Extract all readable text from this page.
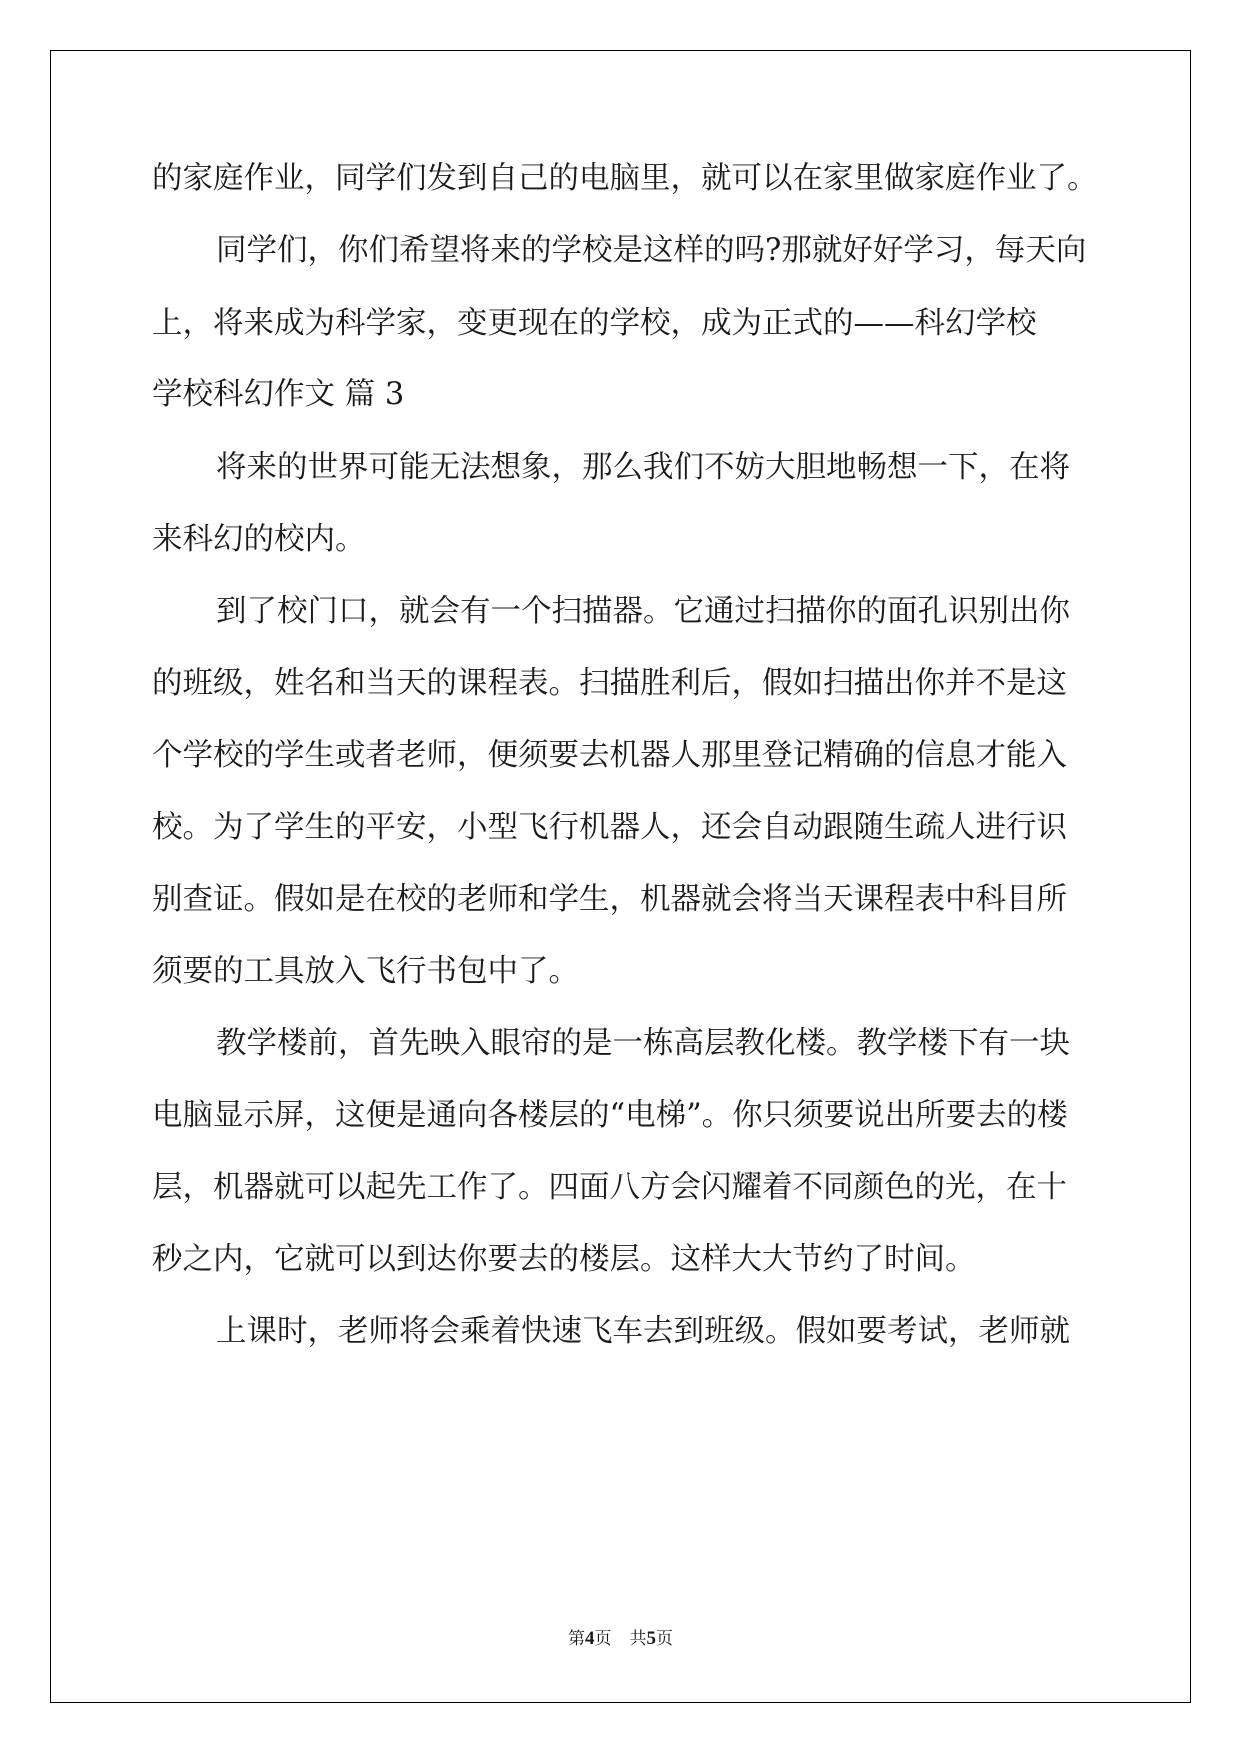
的家庭作业，同学们发到自己的电脑里，就可以在家里做家庭作业了。

同学们，你们希望将来的学校是这样的吗?那就好好学习，每天向

上，将来成为科学家，变更现在的学校，成为正式的——科幻学校

学校科幻作文 篇 3

将来的世界可能无法想象，那么我们不妨大胆地畅想一下，在将

来科幻的校内。

到了校门口，就会有一个扫描器。它通过扫描你的面孔识别出你

的班级，姓名和当天的课程表。扫描胜利后，假如扫描出你并不是这

个学校的学生或者老师，便须要去机器人那里登记精确的信息才能入

校。为了学生的平安，小型飞行机器人，还会自动跟随生疏人进行识

别查证。假如是在校的老师和学生，机器就会将当天课程表中科目所

须要的工具放入飞行书包中了。

教学楼前，首先映入眼帘的是一栋高层教化楼。教学楼下有一块

电脑显示屏，这便是通向各楼层的“电梯”。你只须要说出所要去的楼

层，机器就可以起先工作了。四面八方会闪耀着不同颜色的光，在十

秒之内，它就可以到达你要去的楼层。这样大大节约了时间。

上课时，老师将会乘着快速飞车去到班级。假如要考试，老师就

第4页 共5页
